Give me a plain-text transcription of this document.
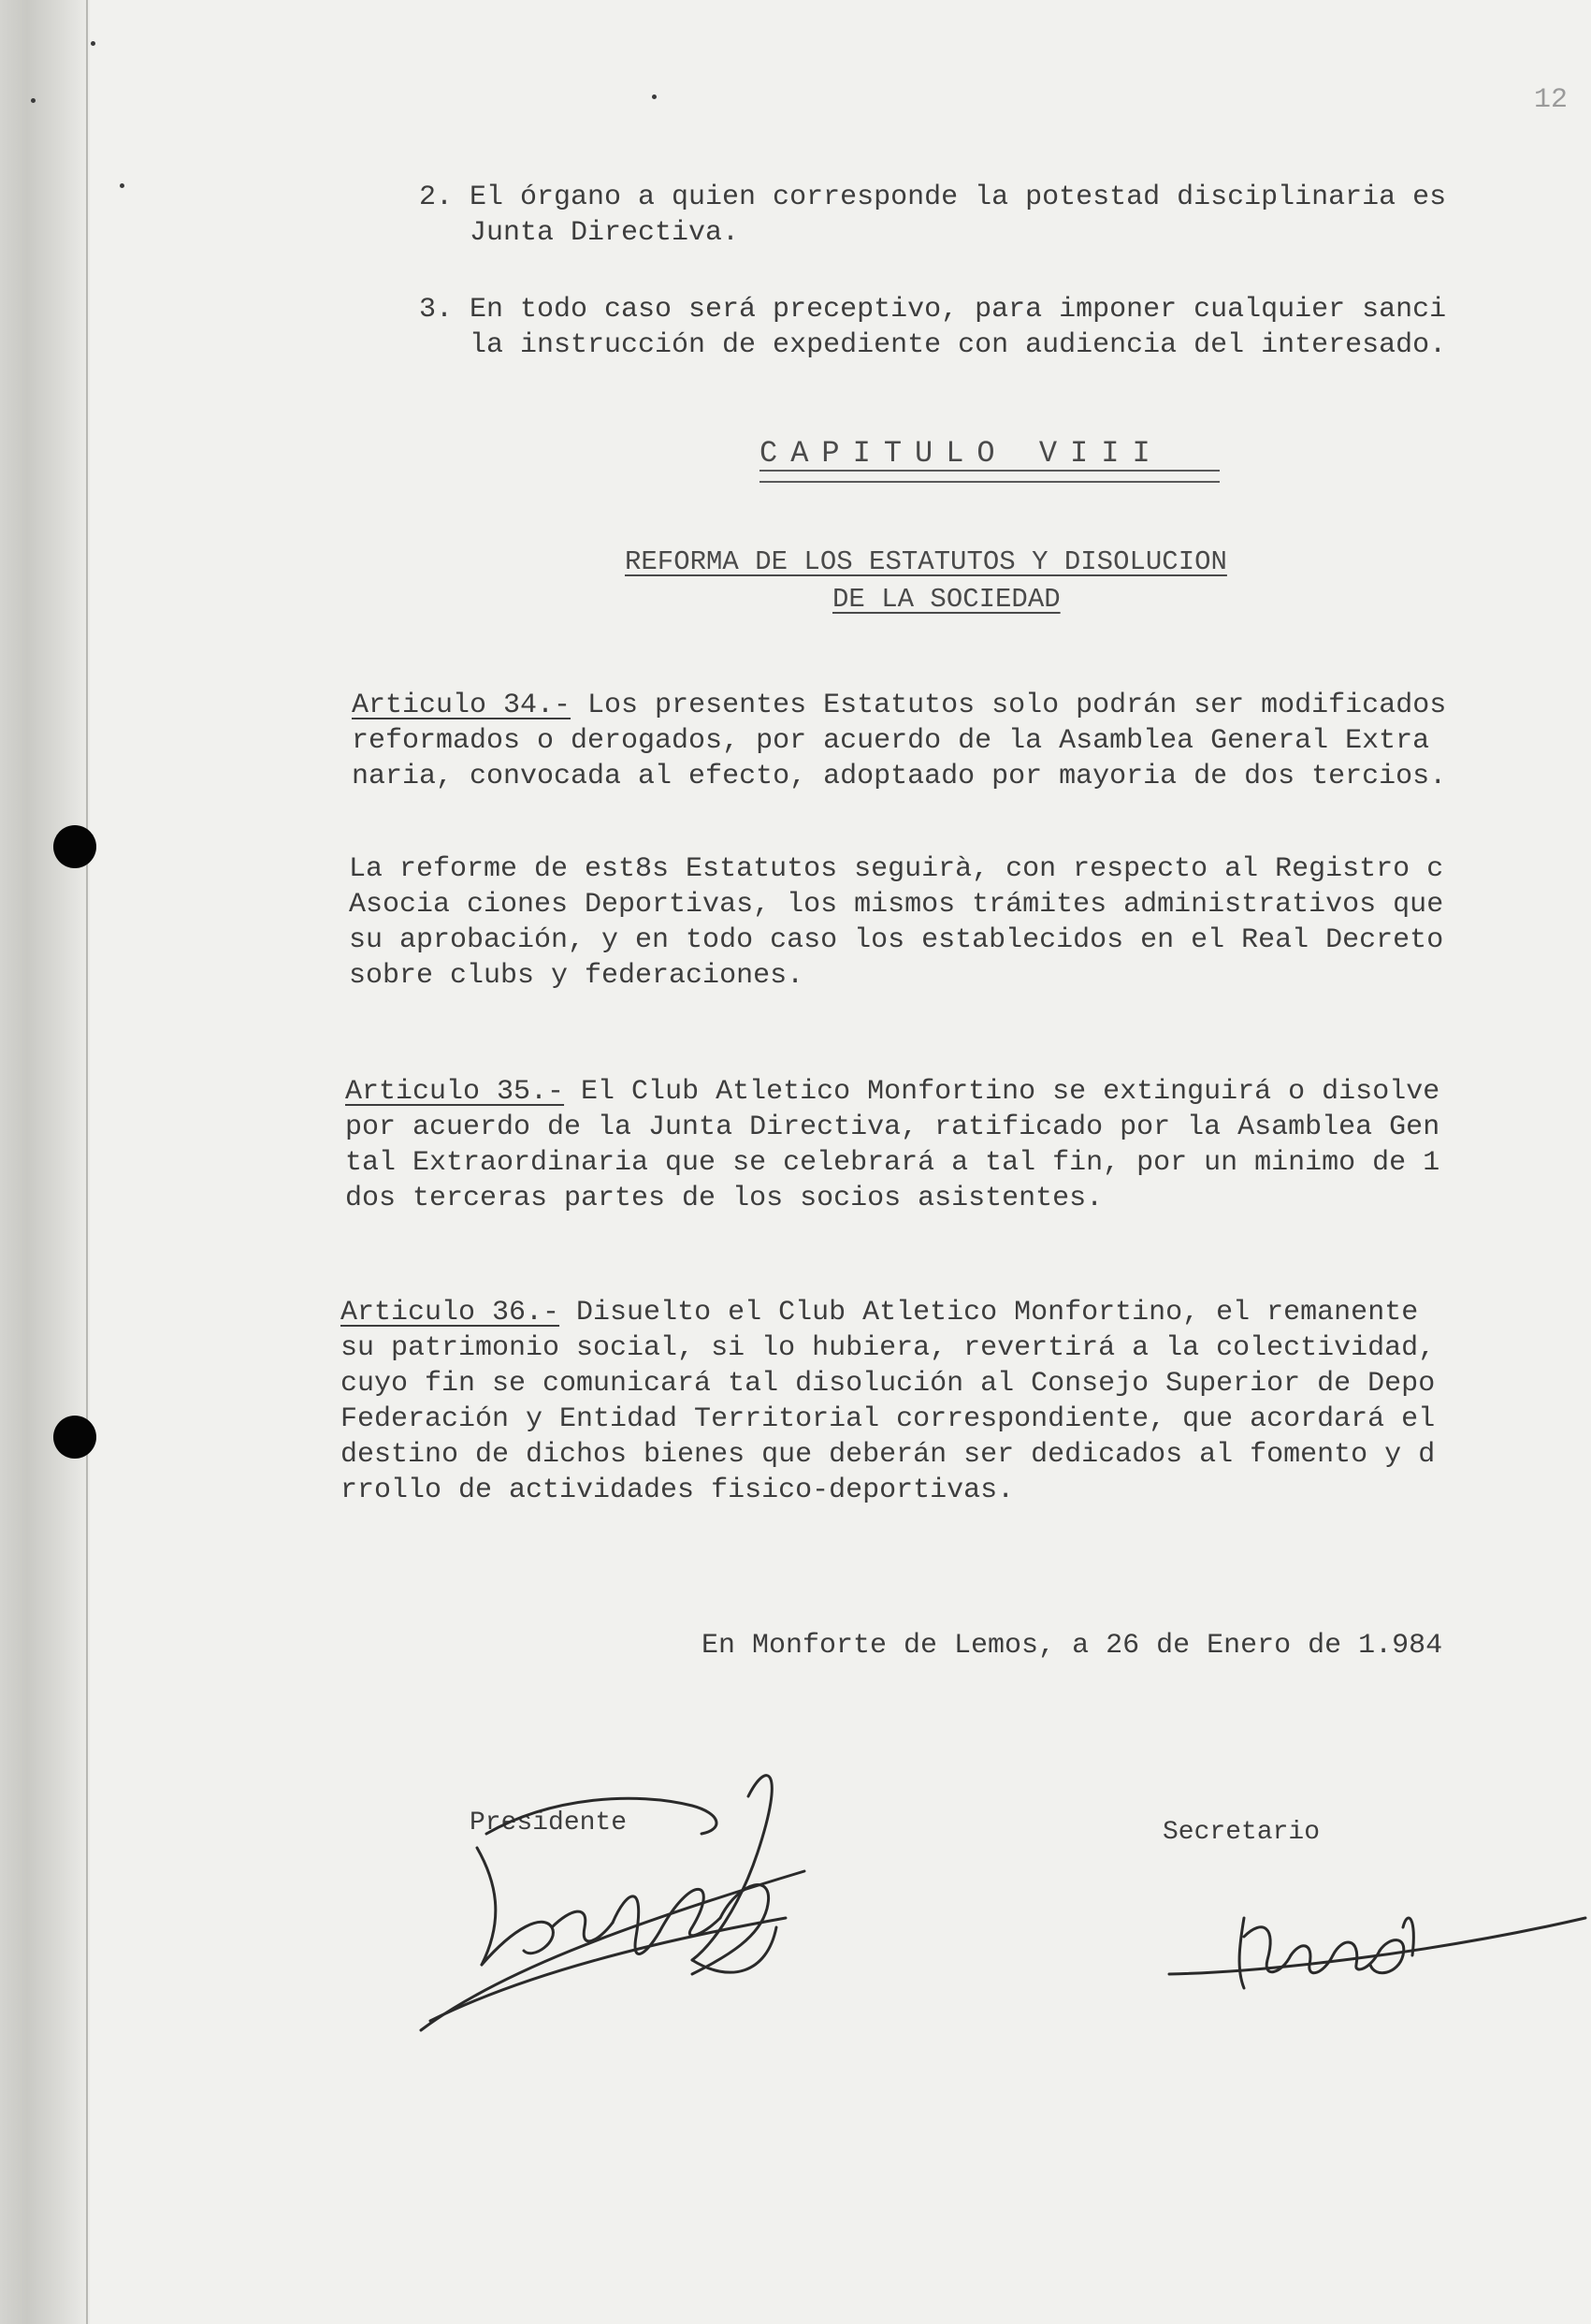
12
2. El órgano a quien corresponde la potestad disciplinaria es
Junta Directiva.
3. En todo caso será preceptivo, para imponer cualquier sanci
la instrucción de expediente con audiencia del interesado.
CAPITULO VIII
REFORMA DE LOS ESTATUTOS Y DISOLUCION
DE LA SOCIEDAD
Articulo 34.- Los presentes Estatutos solo podrán ser modificados
reformados o derogados, por acuerdo de la Asamblea General Extra
naria, convocada al efecto, adoptaado por mayoria de dos tercios.
La reforme de est8s Estatutos seguirà, con respecto al Registro c
Asocia ciones Deportivas, los mismos trámites administrativos que
su aprobación, y en todo caso los establecidos en el Real Decreto
sobre clubs y federaciones.
Articulo 35.- El Club Atletico Monfortino se extinguirá o disolve
por acuerdo de la Junta Directiva, ratificado por la Asamblea Gen
tal Extraordinaria que se celebrará a tal fin, por un minimo de 1
dos terceras partes de los socios asistentes.
Articulo 36.- Disuelto el Club Atletico Monfortino, el remanente
su patrimonio social, si lo hubiera, revertirá a la colectividad,
cuyo fin se comunicará tal disolución al Consejo Superior de Depo
Federación y Entidad Territorial correspondiente, que acordará el
destino de dichos bienes que deberán ser dedicados al fomento y d
rrollo de actividades fisico-deportivas.
En Monforte de Lemos, a 26 de Enero de 1.984
Presidente	Secretario
